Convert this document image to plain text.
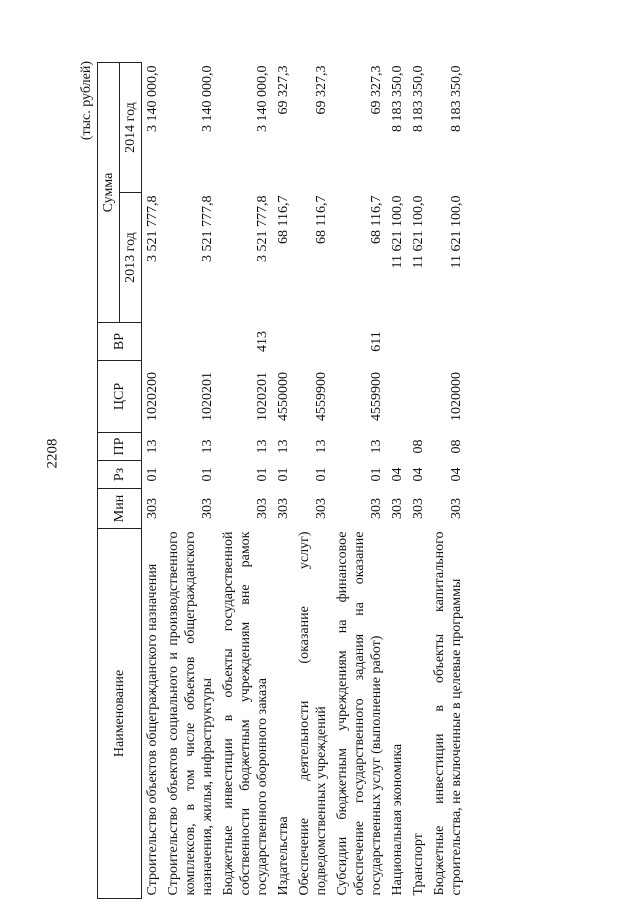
2208
(тыс. рублей)
Наименование	Мин	Рз	ПР	ЦСР	ВР	Сумма	
						2013 год	2014 год
Строительство объектов общегражданского назначения	303	01	13	1020200		3 521 777,8	3 140 000,0
Строительство объектов социального и производственного комплексов, в том числе объектов общегражданского назначения, жилья, инфраструктуры	303	01	13	1020201		3 521 777,8	3 140 000,0
Бюджетные инвестиции в объекты государственной собственности бюджетным учреждениям вне рамок государственного оборонного заказа	303	01	13	1020201	413	3 521 777,8	3 140 000,0
Издательства	303	01	13	4550000		68 116,7	69 327,3
Обеспечение деятельности (оказание услуг) подведомственных учреждений	303	01	13	4559900		68 116,7	69 327,3
Субсидии бюджетным учреждениям на финансовое обеспечение государственного задания на оказание государственных услуг (выполнение работ)	303	01	13	4559900	611	68 116,7	69 327,3
Национальная экономика	303	04				11 621 100,0	8 183 350,0
Транспорт	303	04	08			11 621 100,0	8 183 350,0
Бюджетные инвестиции в объекты капитального строительства, не включенные в целевые программы	303	04	08	1020000		11 621 100,0	8 183 350,0
